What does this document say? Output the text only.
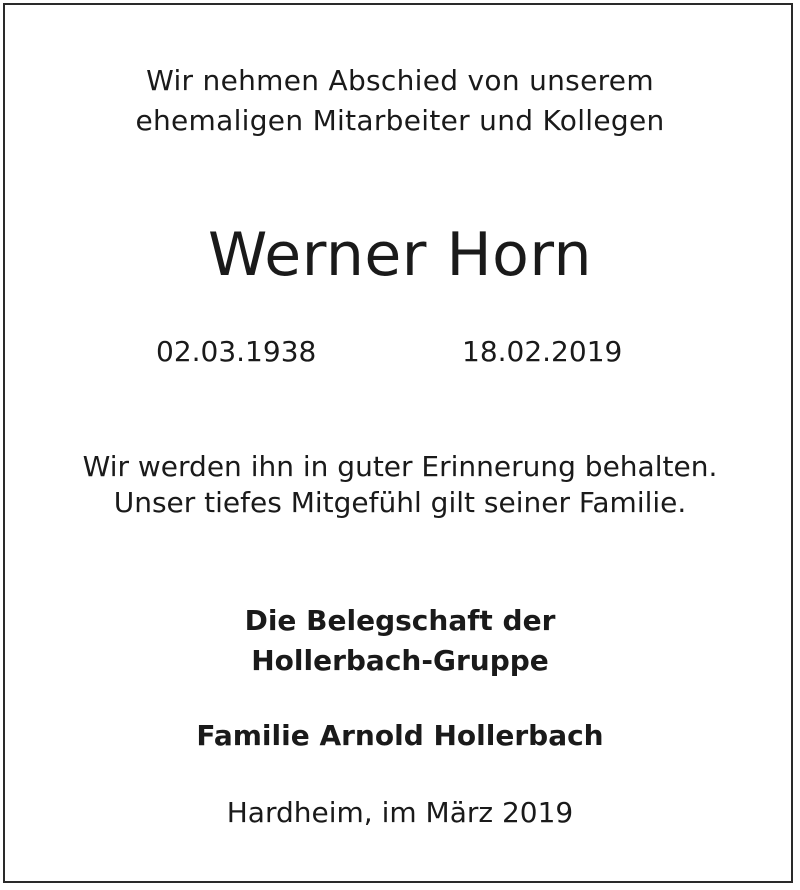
Wir nehmen Abschied von unserem
ehemaligen Mitarbeiter und Kollegen
Werner Horn
02.03.1938	18.02.2019
Wir werden ihn in guter Erinnerung behalten.
Unser tiefes Mitgefühl gilt seiner Familie.
Die Belegschaft der
Hollerbach-Gruppe
Familie Arnold Hollerbach
Hardheim, im März 2019
